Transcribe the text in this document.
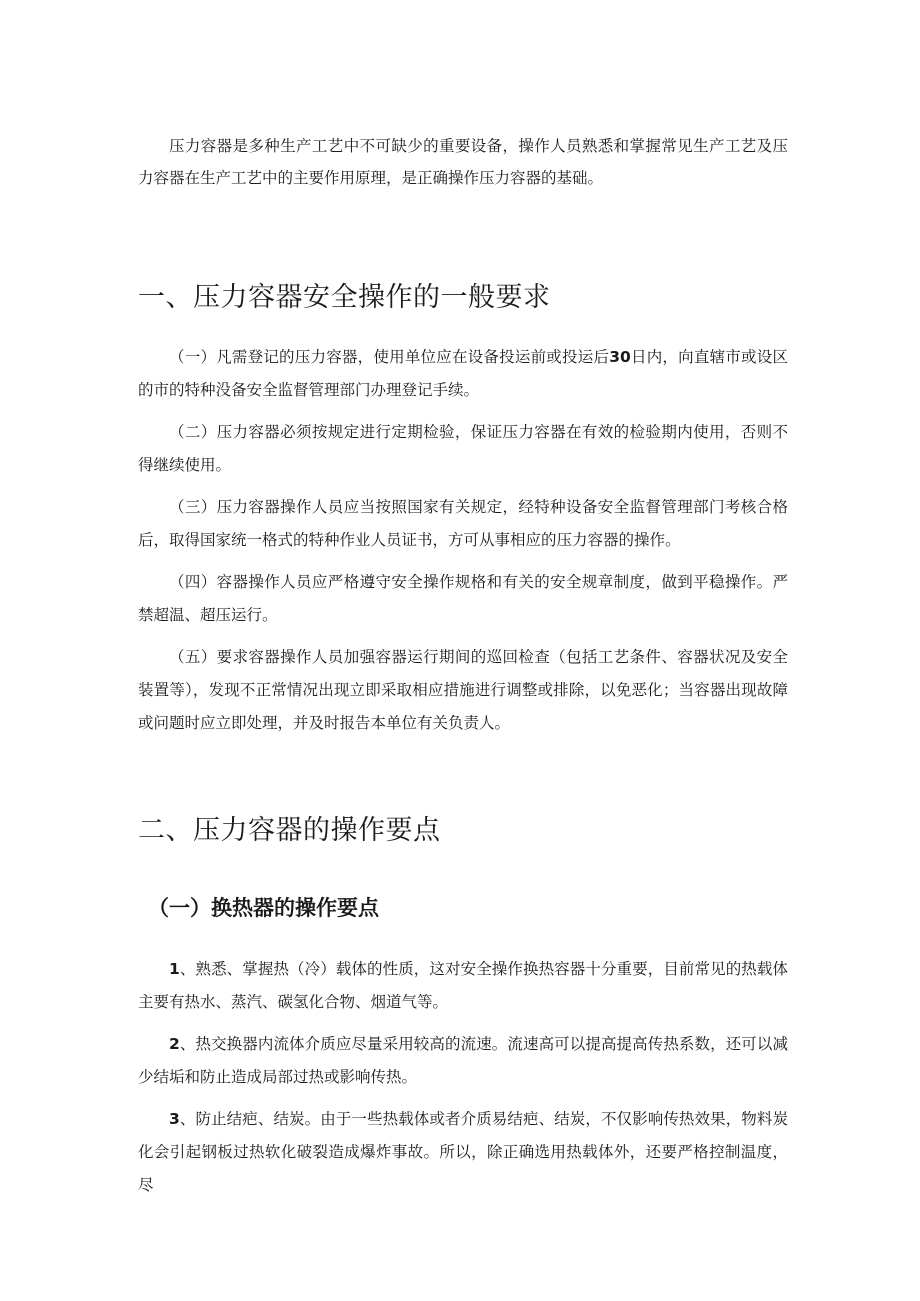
压力容器是多种生产工艺中不可缺少的重要设备，操作人员熟悉和掌握常见生产工艺及压力容器在生产工艺中的主要作用原理，是正确操作压力容器的基础。

一、压力容器安全操作的一般要求

（一）凡需登记的压力容器，使用单位应在设备投运前或投运后30日内，向直辖市或设区的市的特种没备安全监督管理部门办理登记手续。

（二）压力容器必须按规定进行定期检验，保证压力容器在有效的检验期内使用，否则不得继续使用。

（三）压力容器操作人员应当按照国家有关规定，经特种设备安全监督管理部门考核合格后，取得国家统一格式的特种作业人员证书，方可从事相应的压力容器的操作。

（四）容器操作人员应严格遵守安全操作规格和有关的安全规章制度，做到平稳操作。严禁超温、超压运行。

（五）要求容器操作人员加强容器运行期间的巡回检查（包括工艺条件、容器状况及安全装置等），发现不正常情况出现立即采取相应措施进行调整或排除，以免恶化；当容器出现故障或问题时应立即处理，并及时报告本单位有关负责人。

二、压力容器的操作要点
（一）换热器的操作要点

1、熟悉、掌握热（冷）载体的性质，这对安全操作换热容器十分重要，目前常见的热载体主要有热水、蒸汽、碳氢化合物、烟道气等。

2、热交换器内流体介质应尽量采用较高的流速。流速高可以提高提高传热系数，还可以减少结垢和防止造成局部过热或影响传热。

3、防止结疤、结炭。由于一些热载体或者介质易结疤、结炭，不仅影响传热效果，物料炭化会引起钢板过热软化破裂造成爆炸事故。所以，除正确选用热载体外，还要严格控制温度，尽
